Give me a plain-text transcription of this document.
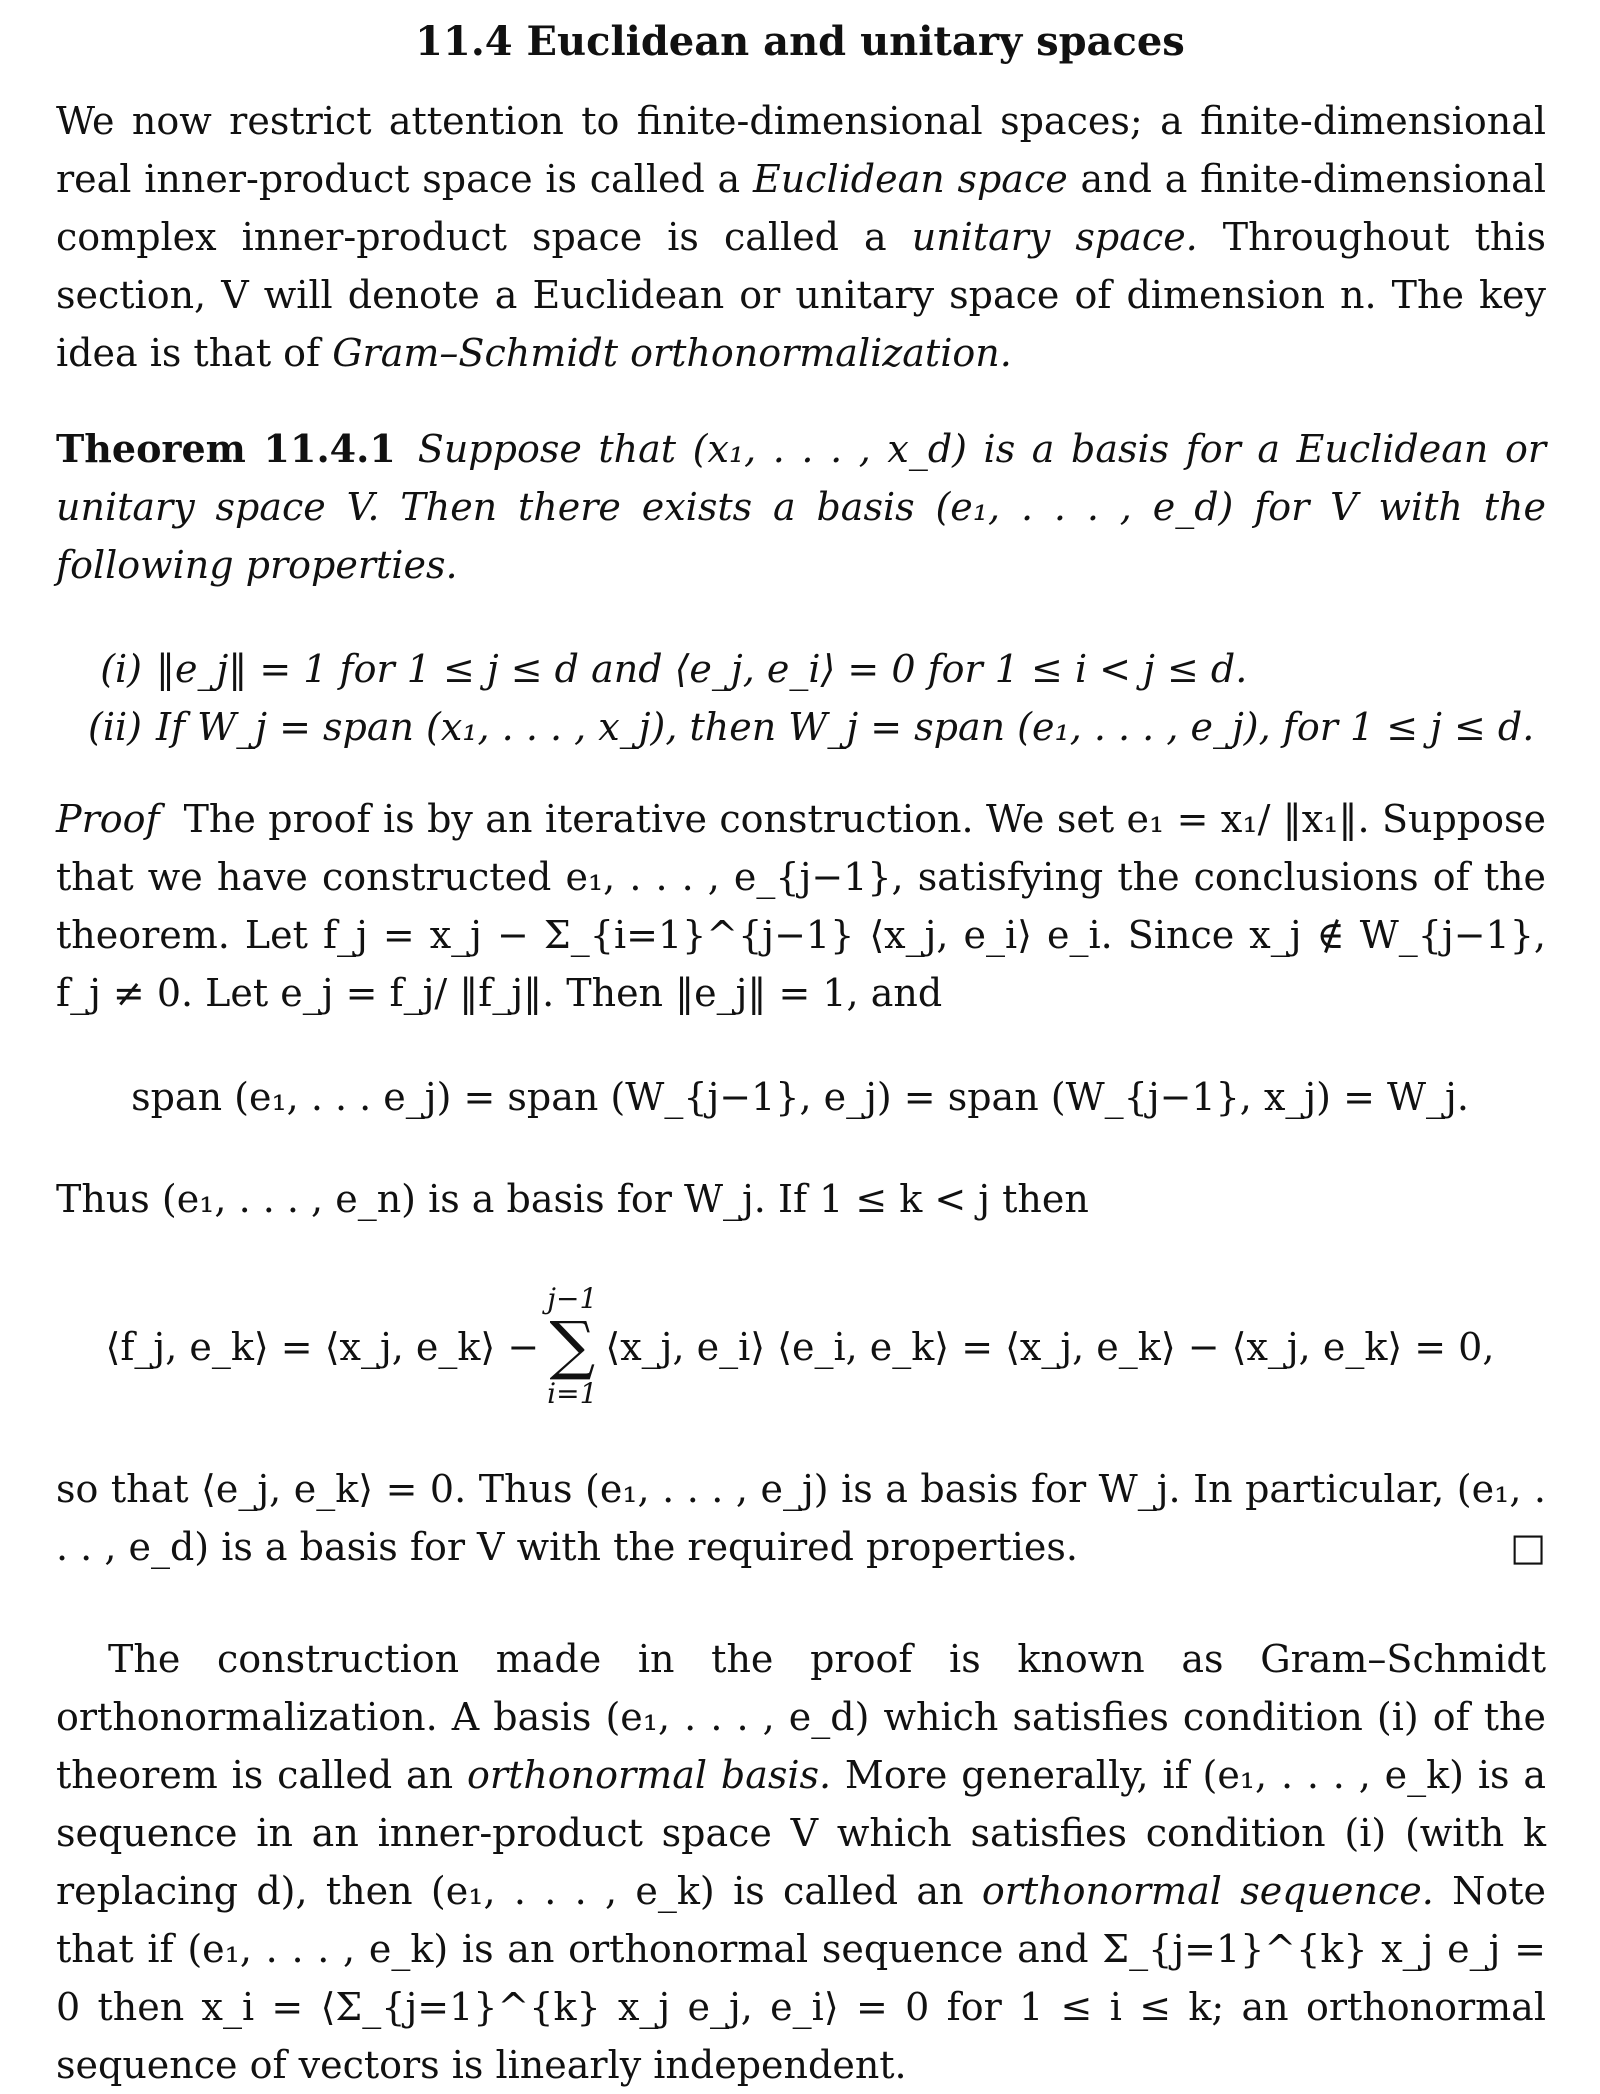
11.4 Euclidean and unitary spaces
We now restrict attention to finite-dimensional spaces; a finite-dimensional real inner-product space is called a Euclidean space and a finite-dimensional complex inner-product space is called a unitary space. Throughout this section, V will denote a Euclidean or unitary space of dimension n. The key idea is that of Gram–Schmidt orthonormalization.
Theorem 11.4.1 Suppose that (x₁, . . . , x_d) is a basis for a Euclidean or unitary space V. Then there exists a basis (e₁, . . . , e_d) for V with the following properties.
(i) ‖e_j‖ = 1 for 1 ≤ j ≤ d and ⟨e_j, e_i⟩ = 0 for 1 ≤ i < j ≤ d.
(ii) If W_j = span (x₁, . . . , x_j), then W_j = span (e₁, . . . , e_j), for 1 ≤ j ≤ d.
Proof The proof is by an iterative construction. We set e₁ = x₁/ ‖x₁‖. Suppose that we have constructed e₁, . . . , e_{j−1}, satisfying the conclusions of the theorem. Let f_j = x_j − Σ_{i=1}^{j−1} ⟨x_j, e_i⟩ e_i. Since x_j ∉ W_{j−1}, f_j ≠ 0. Let e_j = f_j/ ‖f_j‖. Then ‖e_j‖ = 1, and
span (e₁, . . . e_j) = span (W_{j−1}, e_j) = span (W_{j−1}, x_j) = W_j.
Thus (e₁, . . . , e_n) is a basis for W_j. If 1 ≤ k < j then
⟨f_j, e_k⟩ = ⟨x_j, e_k⟩ −
j−1
∑
i=1
⟨x_j, e_i⟩ ⟨e_i, e_k⟩ = ⟨x_j, e_k⟩ − ⟨x_j, e_k⟩ = 0,
so that ⟨e_j, e_k⟩ = 0. Thus (e₁, . . . , e_j) is a basis for W_j. In particular, (e₁, . . . , e_d) is a basis for V with the required properties.	□
The construction made in the proof is known as Gram–Schmidt orthonormalization. A basis (e₁, . . . , e_d) which satisfies condition (i) of the theorem is called an orthonormal basis. More generally, if (e₁, . . . , e_k) is a sequence in an inner-product space V which satisfies condition (i) (with k replacing d), then (e₁, . . . , e_k) is called an orthonormal sequence. Note that if (e₁, . . . , e_k) is an orthonormal sequence and Σ_{j=1}^{k} x_j e_j = 0 then x_i = ⟨Σ_{j=1}^{k} x_j e_j, e_i⟩ = 0 for 1 ≤ i ≤ k; an orthonormal sequence of vectors is linearly independent.
